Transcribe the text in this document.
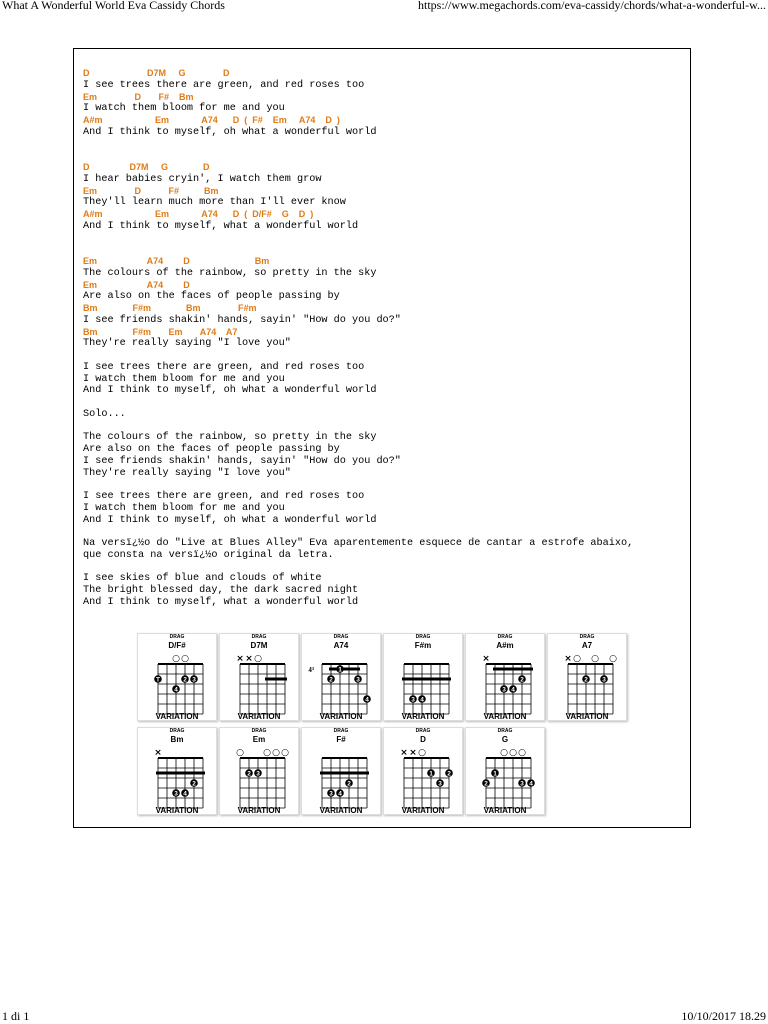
What A Wonderful World Eva Cassidy Chords	https://www.megachords.com/eva-cassidy/chords/what-a-wonderful-w...
D                       D7M     G               D
I see trees there are green, and red roses too
Em               D       F#    Bm
I watch them bloom for me and you
A#m                     Em             A74      D  (  F#    Em     A74    D  )
And I think to myself, oh what a wonderful world
D                D7M     G              D
I hear babies cryin', I watch them grow
Em               D           F#          Bm
They'll learn much more than I'll ever know
A#m                     Em             A74      D  (  D/F#    G    D  )
And I think to myself, what a wonderful world
Em                    A74        D                          Bm
The colours of the rainbow, so pretty in the sky
Em                    A74        D
Are also on the faces of people passing by
Bm              F#m              Bm               F#m
I see friends shakin' hands, sayin' "How do you do?"
Bm              F#m       Em       A74    A7
They're really saying "I love you"
I see trees there are green, and red roses too
I watch them bloom for me and you
And I think to myself, oh what a wonderful world
Solo...
The colours of the rainbow, so pretty in the sky
Are also on the faces of people passing by
I see friends shakin' hands, sayin' "How do you do?"
They're really saying "I love you"
I see trees there are green, and red roses too
I watch them bloom for me and you
And I think to myself, oh what a wonderful world
Na versï¿½o do "Live at Blues Alley" Eva aparentemente esquece de cantar a estrofe abaixo,
que consta na versï¿½o original da letra.
I see skies of blue and clouds of white
The bright blessed day, the dark sacred night
And I think to myself, what a wonderful world
DRAG
D/F#
○ ○
T	2 3
4
VARIATION
DRAG
D7M
× × ○
VARIATION
DRAG
A74
4³
2
1
3
4
VARIATION
DRAG
F#m
3 4
VARIATION
DRAG
A#m
×
2
3 4
VARIATION
DRAG
A7
× ○ ○ ○
2 3
VARIATION
DRAG
Bm
×
2
3 4
VARIATION
DRAG
Em
○ ○ ○ ○
2 3
VARIATION
DRAG
F#
2
3 4
VARIATION
DRAG
D
× × ○
1 2
3
VARIATION
DRAG
G
○ ○ ○
1
2	3 4
VARIATION
1 di 1	10/10/2017 18.29
